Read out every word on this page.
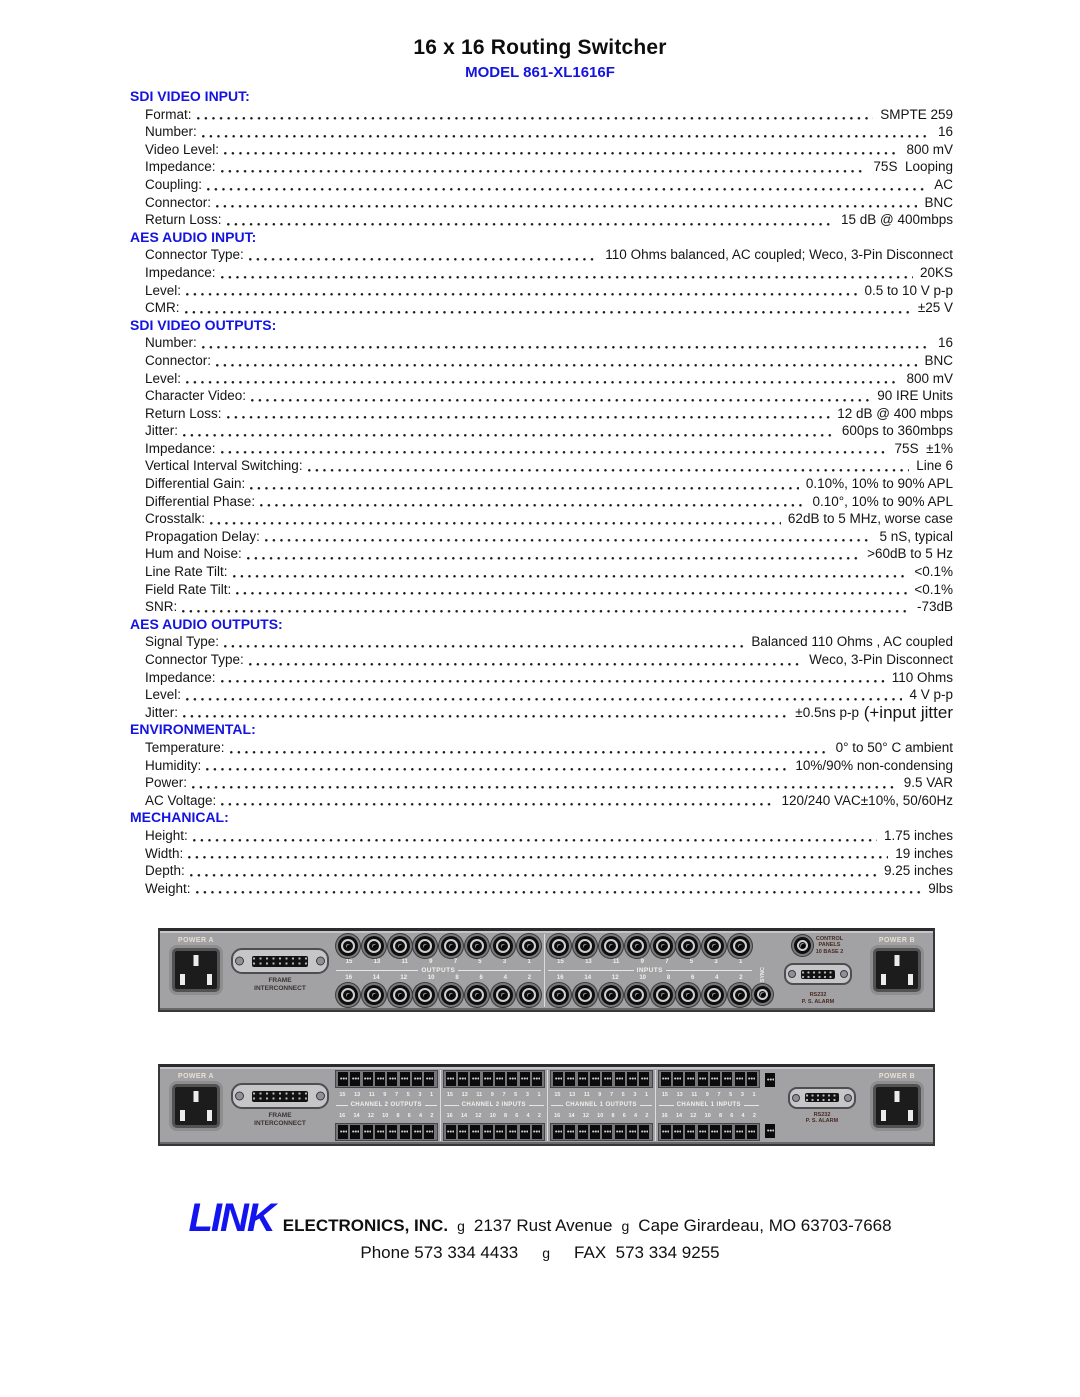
16 x 16 Routing Switcher
MODEL 861-XL1616F
SDI VIDEO INPUT:
Format:	SMPTE 259
Number:	16
Video Level:	800 mV
Impedance:	75S  Looping
Coupling:	AC
Connector:	BNC
Return Loss:	15 dB @ 400mbps
AES AUDIO INPUT:
Connector Type:	110 Ohms balanced, AC coupled; Weco, 3-Pin Disconnect
Impedance:	20KS
Level:	0.5 to 10 V p-p
CMR:	±25 V
SDI VIDEO OUTPUTS:
Number:	16
Connector:	BNC
Level:	800 mV
Character Video:	90 IRE Units
Return Loss:	12 dB @ 400 mbps
Jitter:	600ps to 360mbps
Impedance:	75S  ±1%
Vertical Interval Switching:	Line 6
Differential Gain:	0.10%, 10% to 90% APL
Differential Phase:	0.10°, 10% to 90% APL
Crosstalk:	62dB to 5 MHz, worse case
Propagation Delay:	5 nS, typical
Hum and Noise:	>60dB to 5 Hz
Line Rate Tilt:	<0.1%
Field Rate Tilt:	<0.1%
SNR:	-73dB
AES AUDIO OUTPUTS:
Signal Type:	Balanced 110 Ohms , AC coupled
Connector Type:	Weco, 3-Pin Disconnect
Impedance:	110 Ohms
Level:	4 V p-p
Jitter:	±0.5ns p-p (+input jitter
ENVIRONMENTAL:
Temperature:	0° to 50° C ambient
Humidity:	10%/90% non-condensing
Power:	9.5 VAR
AC Voltage:	120/240 VAC±10%, 50/60Hz
MECHANICAL:
Height:	1.75 inches
Width:	19 inches
Depth:	9.25 inches
Weight:	9lbs
POWER A
FRAME
INTERCONNECT
15	13	11	9	7	5	3	1
OUTPUTS
16	14	12	10	8	6	4	2
15	13	11	9	7	5	3	1
INPUTS
16	14	12	10	8	6	4	2	SYNC
CONTROL
PANELS
10 BASE 2
RS232
P. S. ALARM
POWER B
POWER A
FRAME
INTERCONNECT
15 13 11 9 7 5 3 1
CHANNEL 2 OUTPUTS
16 14 12 10 8 6 4 2
15 13 11 9 7 5 3 1
CHANNEL 2 INPUTS
16 14 12 10 8 6 4 2
15 13 11 9 7 5 3 1
CHANNEL 1 OUTPUTS
16 14 12 10 8 6 4 2
15 13 11 9 7 5 3 1
CHANNEL 1 INPUTS
16 14 12 10 8 6 4 2	RS232
P. S. ALARM
POWER B
LINK ELECTRONICS, INC. g 2137 Rust Avenue g Cape Girardeau, MO 63703-7668
Phone 573 334 4433 g FAX  573 334 9255
